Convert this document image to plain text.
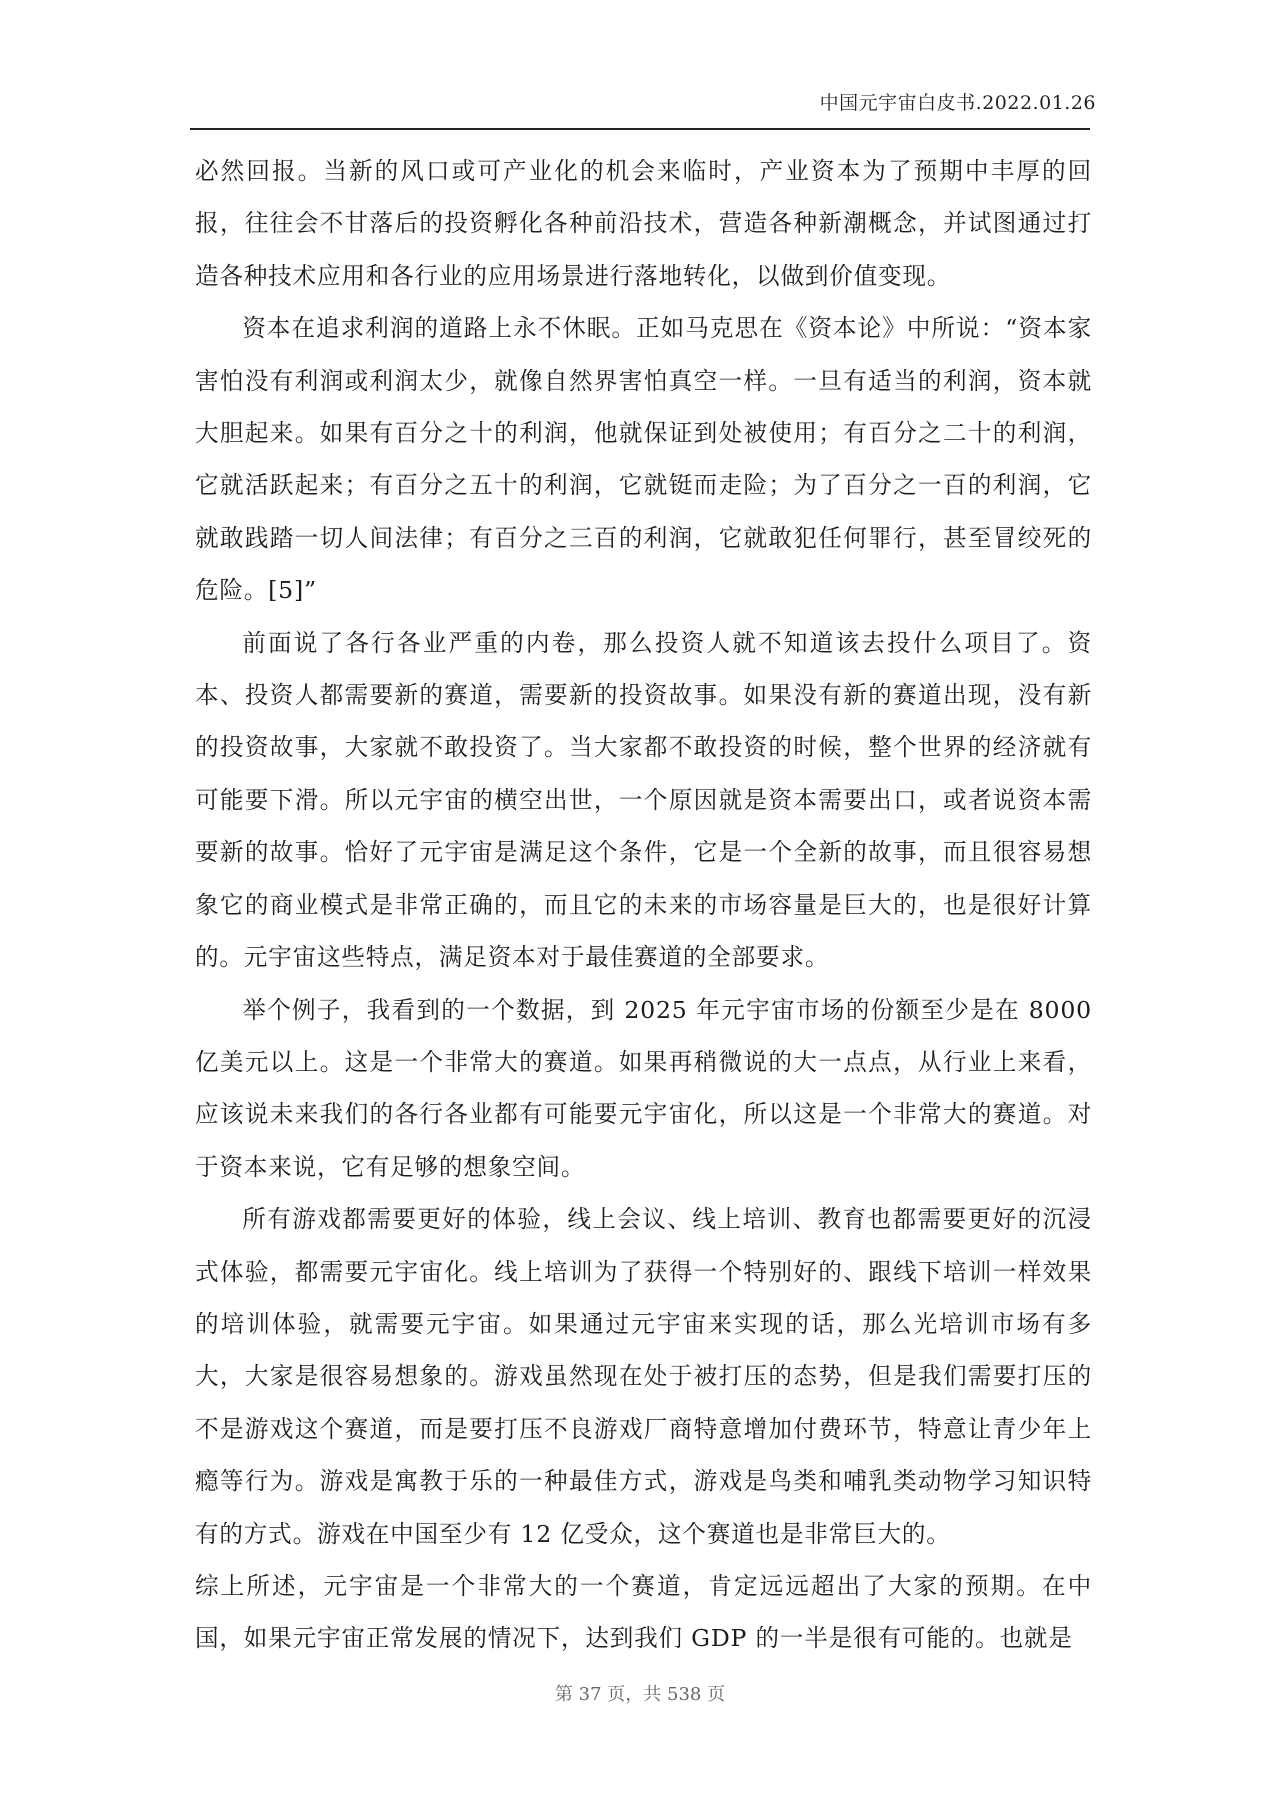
中国元宇宙白皮书.2022.01.26

必然回报。当新的风口或可产业化的机会来临时，产业资本为了预期中丰厚的回报，往往会不甘落后的投资孵化各种前沿技术，营造各种新潮概念，并试图通过打造各种技术应用和各行业的应用场景进行落地转化，以做到价值变现。

资本在追求利润的道路上永不休眠。正如马克思在《资本论》中所说：“资本家害怕没有利润或利润太少，就像自然界害怕真空一样。一旦有适当的利润，资本就大胆起来。如果有百分之十的利润，他就保证到处被使用；有百分之二十的利润，它就活跃起来；有百分之五十的利润，它就铤而走险；为了百分之一百的利润，它就敢践踏一切人间法律；有百分之三百的利润，它就敢犯任何罪行，甚至冒绞死的危险。[5]”

前面说了各行各业严重的内卷，那么投资人就不知道该去投什么项目了。资本、投资人都需要新的赛道，需要新的投资故事。如果没有新的赛道出现，没有新的投资故事，大家就不敢投资了。当大家都不敢投资的时候，整个世界的经济就有可能要下滑。所以元宇宙的横空出世，一个原因就是资本需要出口，或者说资本需要新的故事。恰好了元宇宙是满足这个条件，它是一个全新的故事，而且很容易想象它的商业模式是非常正确的，而且它的未来的市场容量是巨大的，也是很好计算的。元宇宙这些特点，满足资本对于最佳赛道的全部要求。

举个例子，我看到的一个数据，到 2025 年元宇宙市场的份额至少是在 8000 亿美元以上。这是一个非常大的赛道。如果再稍微说的大一点点，从行业上来看，应该说未来我们的各行各业都有可能要元宇宙化，所以这是一个非常大的赛道。对于资本来说，它有足够的想象空间。

所有游戏都需要更好的体验，线上会议、线上培训、教育也都需要更好的沉浸式体验，都需要元宇宙化。线上培训为了获得一个特别好的、跟线下培训一样效果的培训体验，就需要元宇宙。如果通过元宇宙来实现的话，那么光培训市场有多大，大家是很容易想象的。游戏虽然现在处于被打压的态势，但是我们需要打压的不是游戏这个赛道，而是要打压不良游戏厂商特意增加付费环节，特意让青少年上瘾等行为。游戏是寓教于乐的一种最佳方式，游戏是鸟类和哺乳类动物学习知识特有的方式。游戏在中国至少有 12 亿受众，这个赛道也是非常巨大的。

综上所述，元宇宙是一个非常大的一个赛道，肯定远远超出了大家的预期。在中国，如果元宇宙正常发展的情况下，达到我们 GDP 的一半是很有可能的。也就是

第 37 页，共 538 页
